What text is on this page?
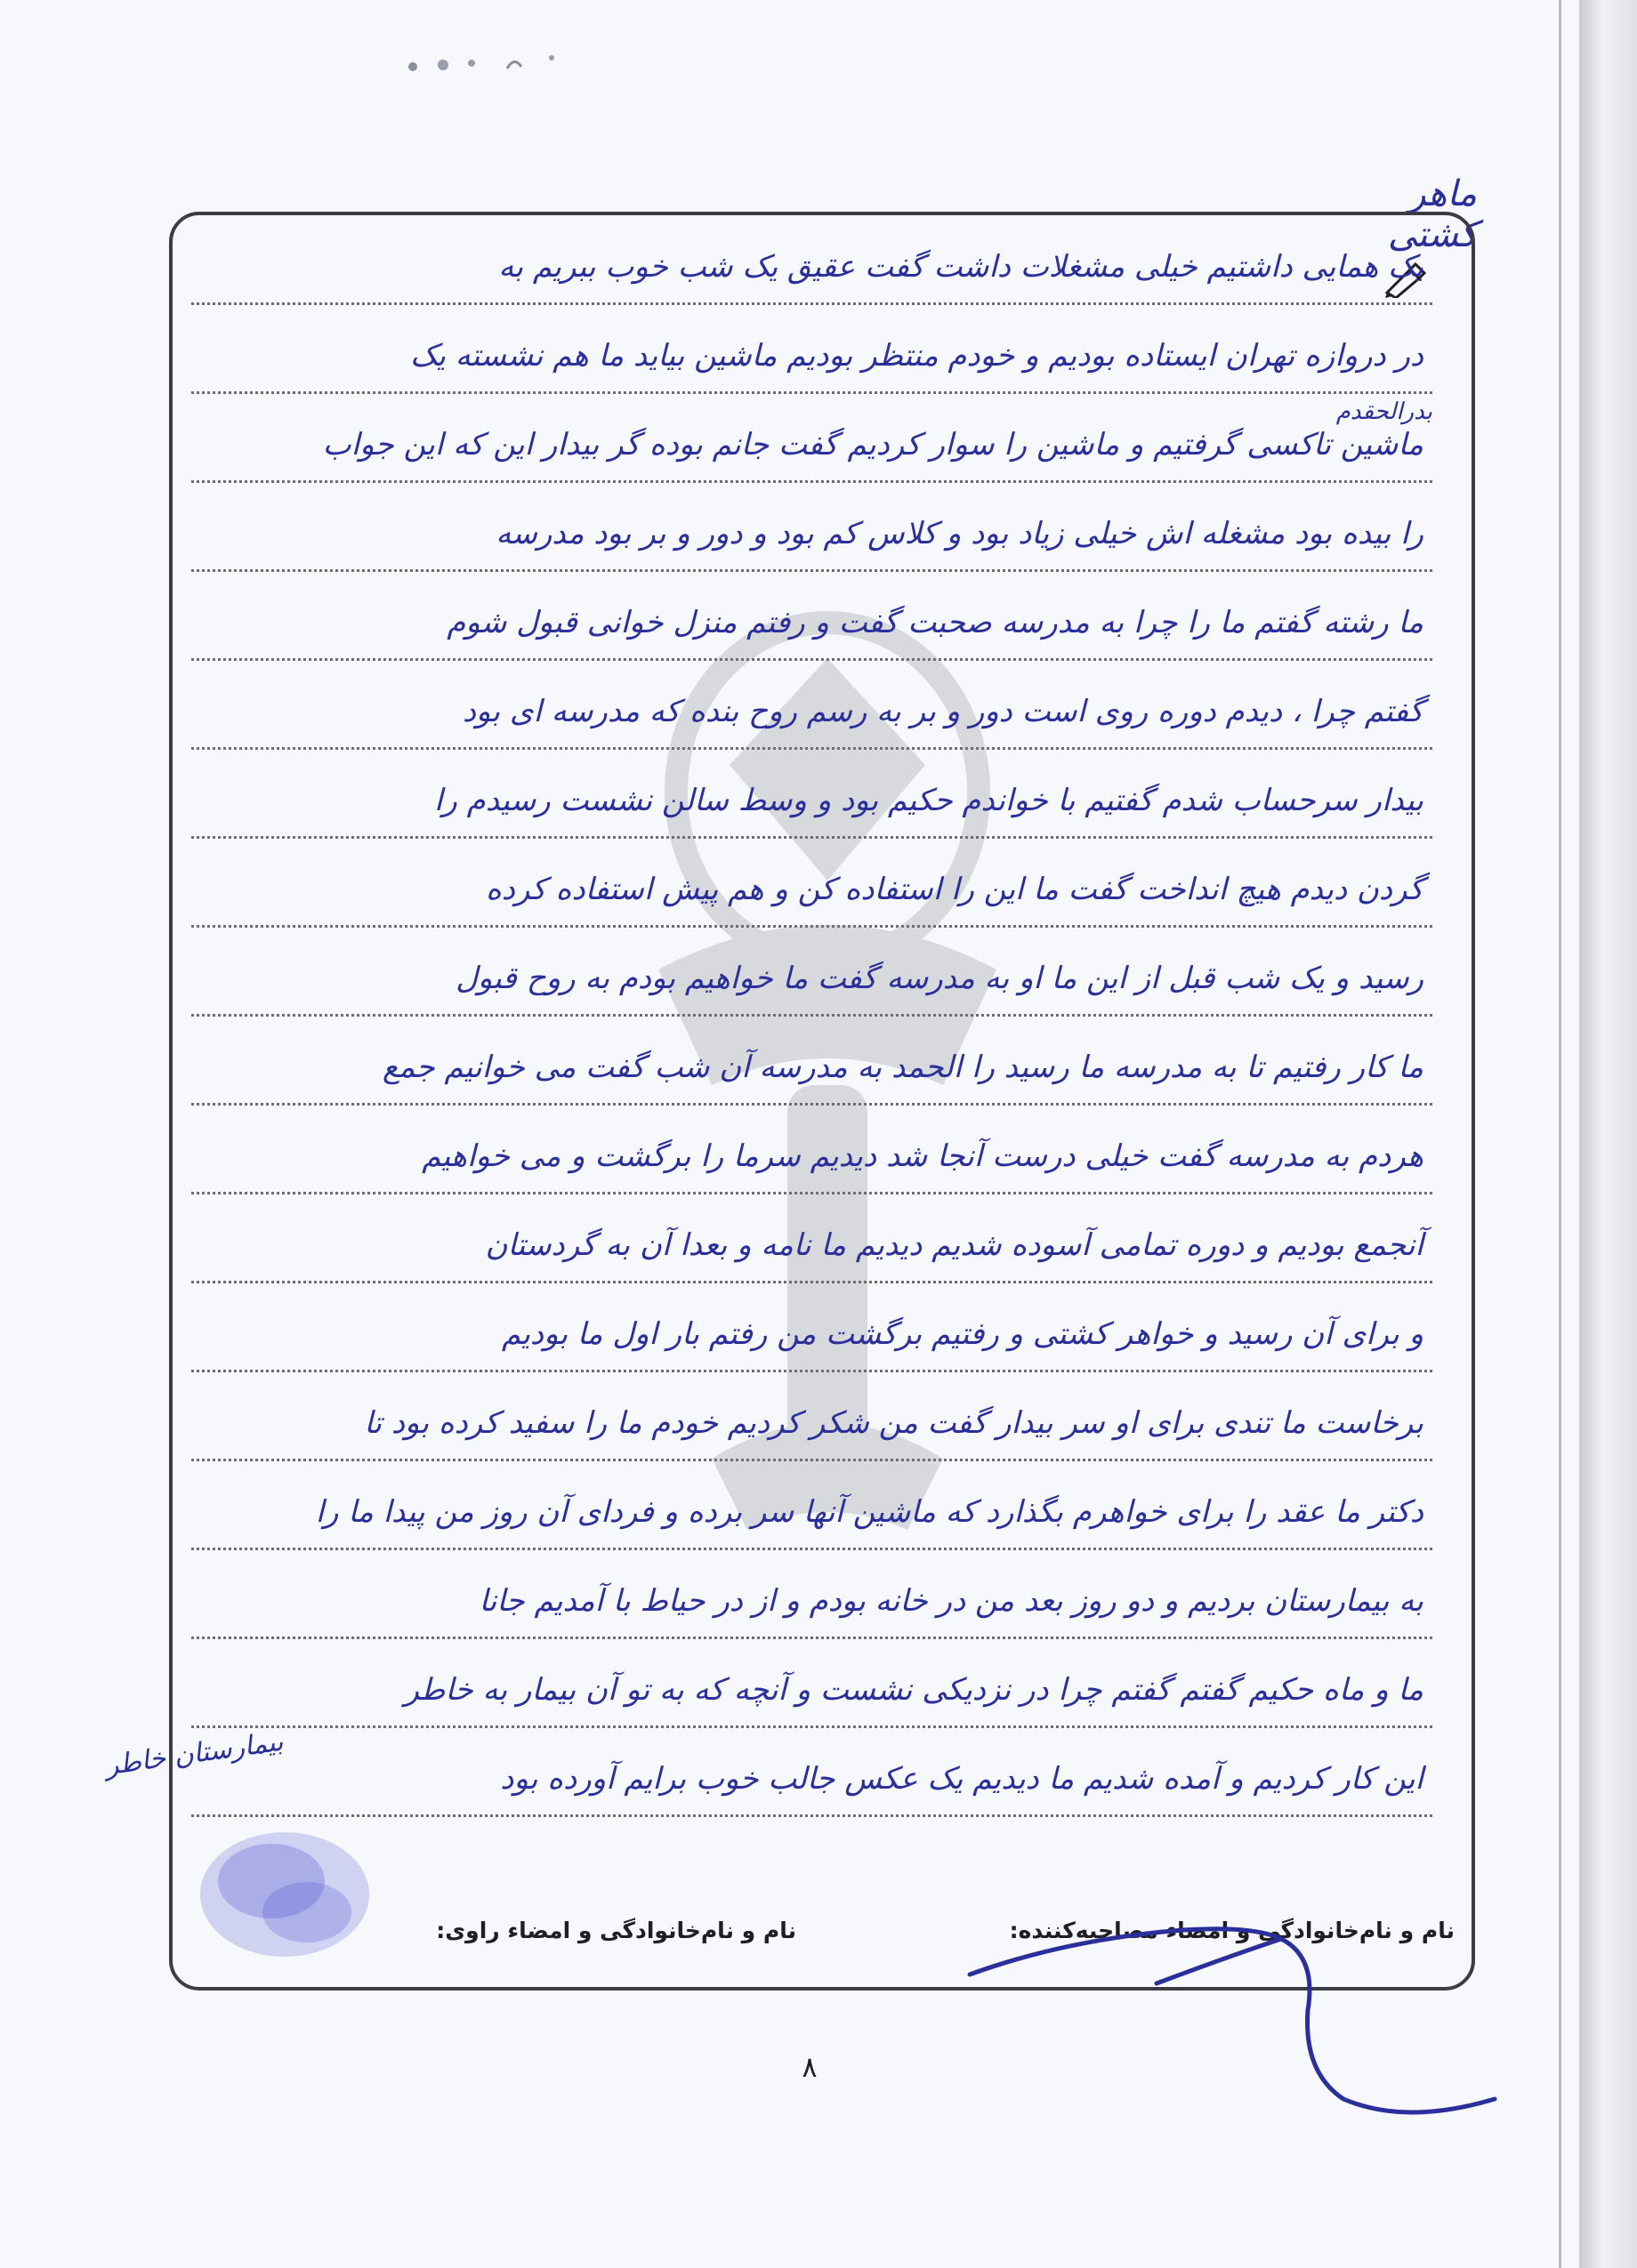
ماهر کشتی
بدرالحقدم
یک همایی داشتیم خیلی مشغلات داشت گفت عقیق یک شب خوب ببریم به
در دروازه تهران ایستاده بودیم و خودم منتظر بودیم ماشین بیاید ما هم نشسته یک
ماشین تاکسی گرفتیم و ماشین را سوار کردیم گفت جانم بوده گر بیدار این که این جواب
را بیده بود مشغله اش خیلی زیاد بود و کلاس کم بود و دور و بر بود مدرسه
ما رشته گفتم ما را چرا به مدرسه صحبت گفت و رفتم منزل خوانی قبول شوم
گفتم چرا ، دیدم دوره روی است دور و بر به رسم روح بنده که مدرسه ای بود
بیدار سرحساب شدم گفتیم با خواندم حکیم بود و وسط سالن نشست رسیدم را
گردن دیدم هیچ انداخت گفت ما این را استفاده کن و هم پیش استفاده کرده
رسید و یک شب قبل از این ما او به مدرسه گفت ما خواهیم بودم به روح قبول
ما کار رفتیم تا به مدرسه ما رسید را الحمد به مدرسه آن شب گفت می خوانیم جمع
هردم به مدرسه گفت خیلی درست آنجا شد دیدیم سرما را برگشت و می خواهیم
آنجمع بودیم و دوره تمامی آسوده شدیم دیدیم ما نامه و بعدا آن به گردستان
و برای آن رسید و خواهر کشتی و رفتیم برگشت من رفتم بار اول ما بودیم
برخاست ما تندی برای او سر بیدار گفت من شکر کردیم خودم ما را سفید کرده بود تا
دکتر ما عقد را برای خواهرم بگذارد که ماشین آنها سر برده و فردای آن روز من پیدا ما را
به بیمارستان بردیم و دو روز بعد من در خانه بودم و از در حیاط با آمدیم جانا
ما و ماه حکیم گفتم گفتم چرا در نزدیکی نشست و آنچه که به تو آن بیمار به خاطر
این کار کردیم و آمده شدیم ما دیدیم یک عکس جالب خوب برایم آورده بود
بیمارستان خاطر
نام و نام‌خانوادگی و امضاء مصاحبه‌کننده:
نام و نام‌خانوادگی و امضاء راوی:
۸
